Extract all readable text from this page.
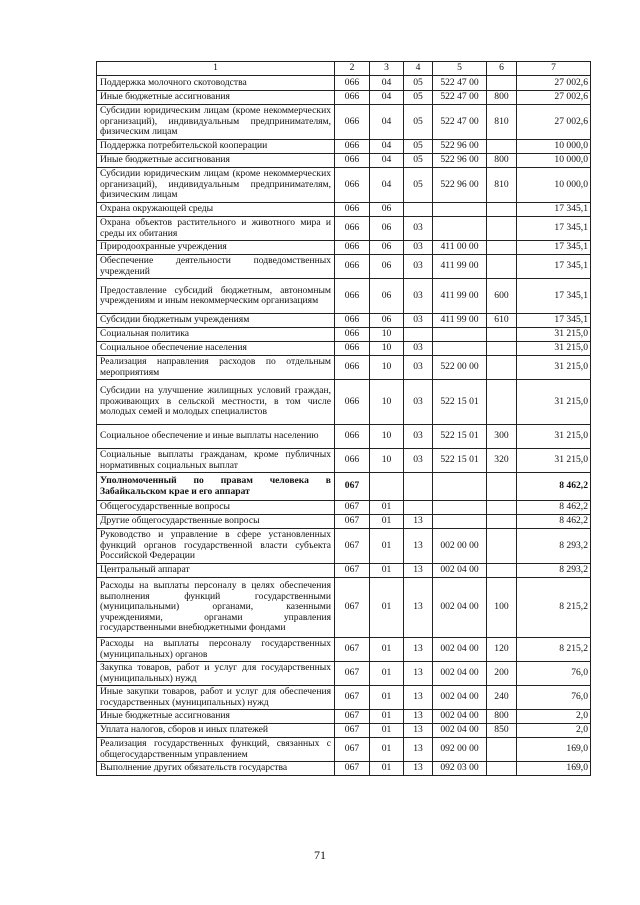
1	2	3	4	5	6	7
Поддержка молочного скотоводства	066	04	05	522 47 00		27 002,6
Иные бюджетные ассигнования	066	04	05	522 47 00	800	27 002,6
Субсидии юридическим лицам (кроме некоммерческих организаций), индивидуальным предпринимателям, физическим лицам	066	04	05	522 47 00	810	27 002,6
Поддержка потребительской кооперации	066	04	05	522 96 00		10 000,0
Иные бюджетные ассигнования	066	04	05	522 96 00	800	10 000,0
Субсидии юридическим лицам (кроме некоммерческих организаций), индивидуальным предпринимателям, физическим лицам	066	04	05	522 96 00	810	10 000,0
Охрана окружающей среды	066	06				17 345,1
Охрана объектов растительного и животного мира и среды их обитания	066	06	03			17 345,1
Природоохранные учреждения	066	06	03	411 00 00		17 345,1
Обеспечение деятельности подведомственных учреждений	066	06	03	411 99 00		17 345,1
Предоставление субсидий бюджетным, автономным учреждениям и иным некоммерческим организациям	066	06	03	411 99 00	600	17 345,1
Субсидии бюджетным учреждениям	066	06	03	411 99 00	610	17 345,1
Социальная политика	066	10				31 215,0
Социальное обеспечение населения	066	10	03			31 215,0
Реализация направления расходов по отдельным мероприятиям	066	10	03	522 00 00		31 215,0
Субсидии на улучшение жилищных условий граждан, проживающих в сельской местности, в том числе молодых семей и молодых специалистов	066	10	03	522 15 01		31 215,0
Социальное обеспечение и иные выплаты населению	066	10	03	522 15 01	300	31 215,0
Социальные выплаты гражданам, кроме публичных нормативных социальных выплат	066	10	03	522 15 01	320	31 215,0
Уполномоченный по правам человека в Забайкальском крае и его аппарат	067					8 462,2
Общегосударственные вопросы	067	01				8 462,2
Другие общегосударственные вопросы	067	01	13			8 462,2
Руководство и управление в сфере установленных функций органов государственной власти субъекта Российской Федерации	067	01	13	002 00 00		8 293,2
Центральный аппарат	067	01	13	002 04 00		8 293,2
Расходы на выплаты персоналу в целях обеспечения выполнения функций государственными (муниципальными) органами, казенными учреждениями, органами управления государственными внебюджетными фондами	067	01	13	002 04 00	100	8 215,2
Расходы на выплаты персоналу государственных (муниципальных) органов	067	01	13	002 04 00	120	8 215,2
Закупка товаров, работ и услуг для государственных (муниципальных) нужд	067	01	13	002 04 00	200	76,0
Иные закупки товаров, работ и услуг для обеспечения государственных (муниципальных) нужд	067	01	13	002 04 00	240	76,0
Иные бюджетные ассигнования	067	01	13	002 04 00	800	2,0
Уплата налогов, сборов и иных платежей	067	01	13	002 04 00	850	2,0
Реализация государственных функций, связанных с общегосударственным управлением	067	01	13	092 00 00		169,0
Выполнение других обязательств государства	067	01	13	092 03 00		169,0
71
